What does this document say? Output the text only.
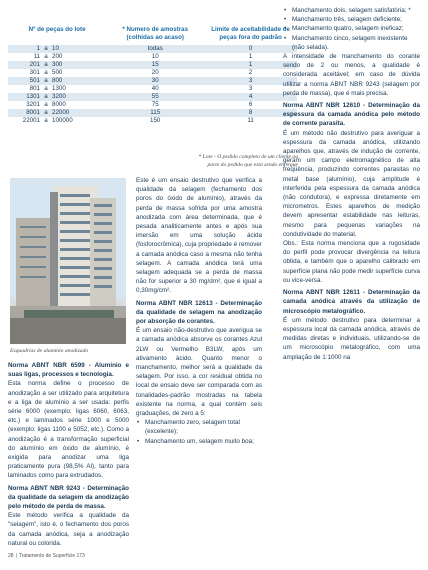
Nº de peças do lote	* Numero de amostras (colhidas ao acaso)	Limite de aceitabilidade de peças fora do padrão
1 a 10	todas	0
11 a 200	10	1
201 a 300	15	1
301 a 500	20	2
501 a 800	30	3
801 a 1300	40	3
1301 a 3200	55	4
3201 a 8000	75	6
8001 a 22000	115	8
22001 a 100000	150	11
* Lote - O pedido completo de um cliente ou parte do pedido que está sendo entregue
Esquadrias de alumínio anodizado

Norma ABNT NBR 6599 - Alumínio e suas ligas, processos e tecnologia.

Esta norma define o processo de anodização a ser utilizado para arquitetura e a liga de alumínio a ser usada: perfis série 6000 (exemplo: ligas 6060, 6063, etc.) e laminados série 1000 e 5000 (exemplo: ligas 1100 e 5052, etc.). Como a anodização é a transformação superficial do alumínio em óxido de alumínio, é exigida para anodizar uma liga praticamente pura (98,5% Al), tanto para laminados como para extrudados.

Norma ABNT NBR 9243 - Determinação da qualidade da selagem da anodização pelo método de perda de massa.

Este método verifica a qualidade da "selagem", isto é, o fechamento dos poros da camada anódica, seja a anodização natural ou colorida.

Este é um ensaio destrutivo que verifica a qualidade da selagem (fechamento dos poros do óxido de alumínio), através da perda de massa sofrida por uma amostra anodizada com área determinada, que é pesada analiticamente antes e após sua imersão em uma solução ácida (fosforocrômica), cuja propriedade é remover a camada anódica caso a mesma não tenha selagem. A camada anódica terá uma selagem adequada se a perda de massa não for superior a 30 mg/dm², que é igual a 0,30mg/cm².

Norma ABNT NBR 12613 - Determinação da qualidade de selagem na anodização por absorção de corantes.

É um ensaio não-destrutivo que averigua se a camada anódica absorve os corantes Azul 2LW ou Vermelho B3LW, após um ativamento ácido. Quanto menor o manchamento, melhor será a qualidade da selagem. Por isso, a cor residual obtida no local de ensaio deve ser comparada com as tonalidades-padrão mostradas na tabela existente na norma, a qual contém seis graduações, de zero a 5:

• Manchamento zero, selagem total (excelente);
• Manchamento um, selagem muito boa;
• Manchamento dois, selagem satisfatória; *
• Manchamento três, selagem deficiente;
• Manchamento quatro, selagem ineficaz;
• Manchamento cinco, selagem inexistente (não selada).

A intensidade de manchamento do corante sendo de 2 ou menos, a qualidade é considerada aceitável; em caso de dúvida utilizar a norma ABNT NBR 9243 (selagem por perda de massa), que é mais precisa.

Norma ABNT NBR 12610 - Determinação da espessura da camada anódica pelo método de corrente parasita.

É um método não destrutivo para averiguar a espessura da camada anódica, utilizando aparelhos que, através de indução de corrente, geram um campo eletromagnético de alta freqüência, produzindo correntes parasitas no metal base (alumínio), cuja amplitude é interferida pela espessura da camada anódica (não condutora), e expressa diretamente em micrometros. Estes aparelhos de medição devem apresentar estabilidade nas leituras, mesmo para pequenas variações na condutividade do material.

Obs.: Esta norma menciona que a rugosidade do perfil pode provocar divergência na leitura obtida, e também que o aparelho calibrado em superfície plana não pode medir superfície curva ou vice-versa.

Norma ABNT NBR 12611 - Determinação da camada anódica através da utilização de microscópio metalográfico.

É um método destrutivo para determinar a espessura local da camada anódica, através de medidas diretas e individuais, utilizando-se de um microscópio metalográfico, com uma ampliação de 1:1000 na

28 | Tratamento de Superfície 173
